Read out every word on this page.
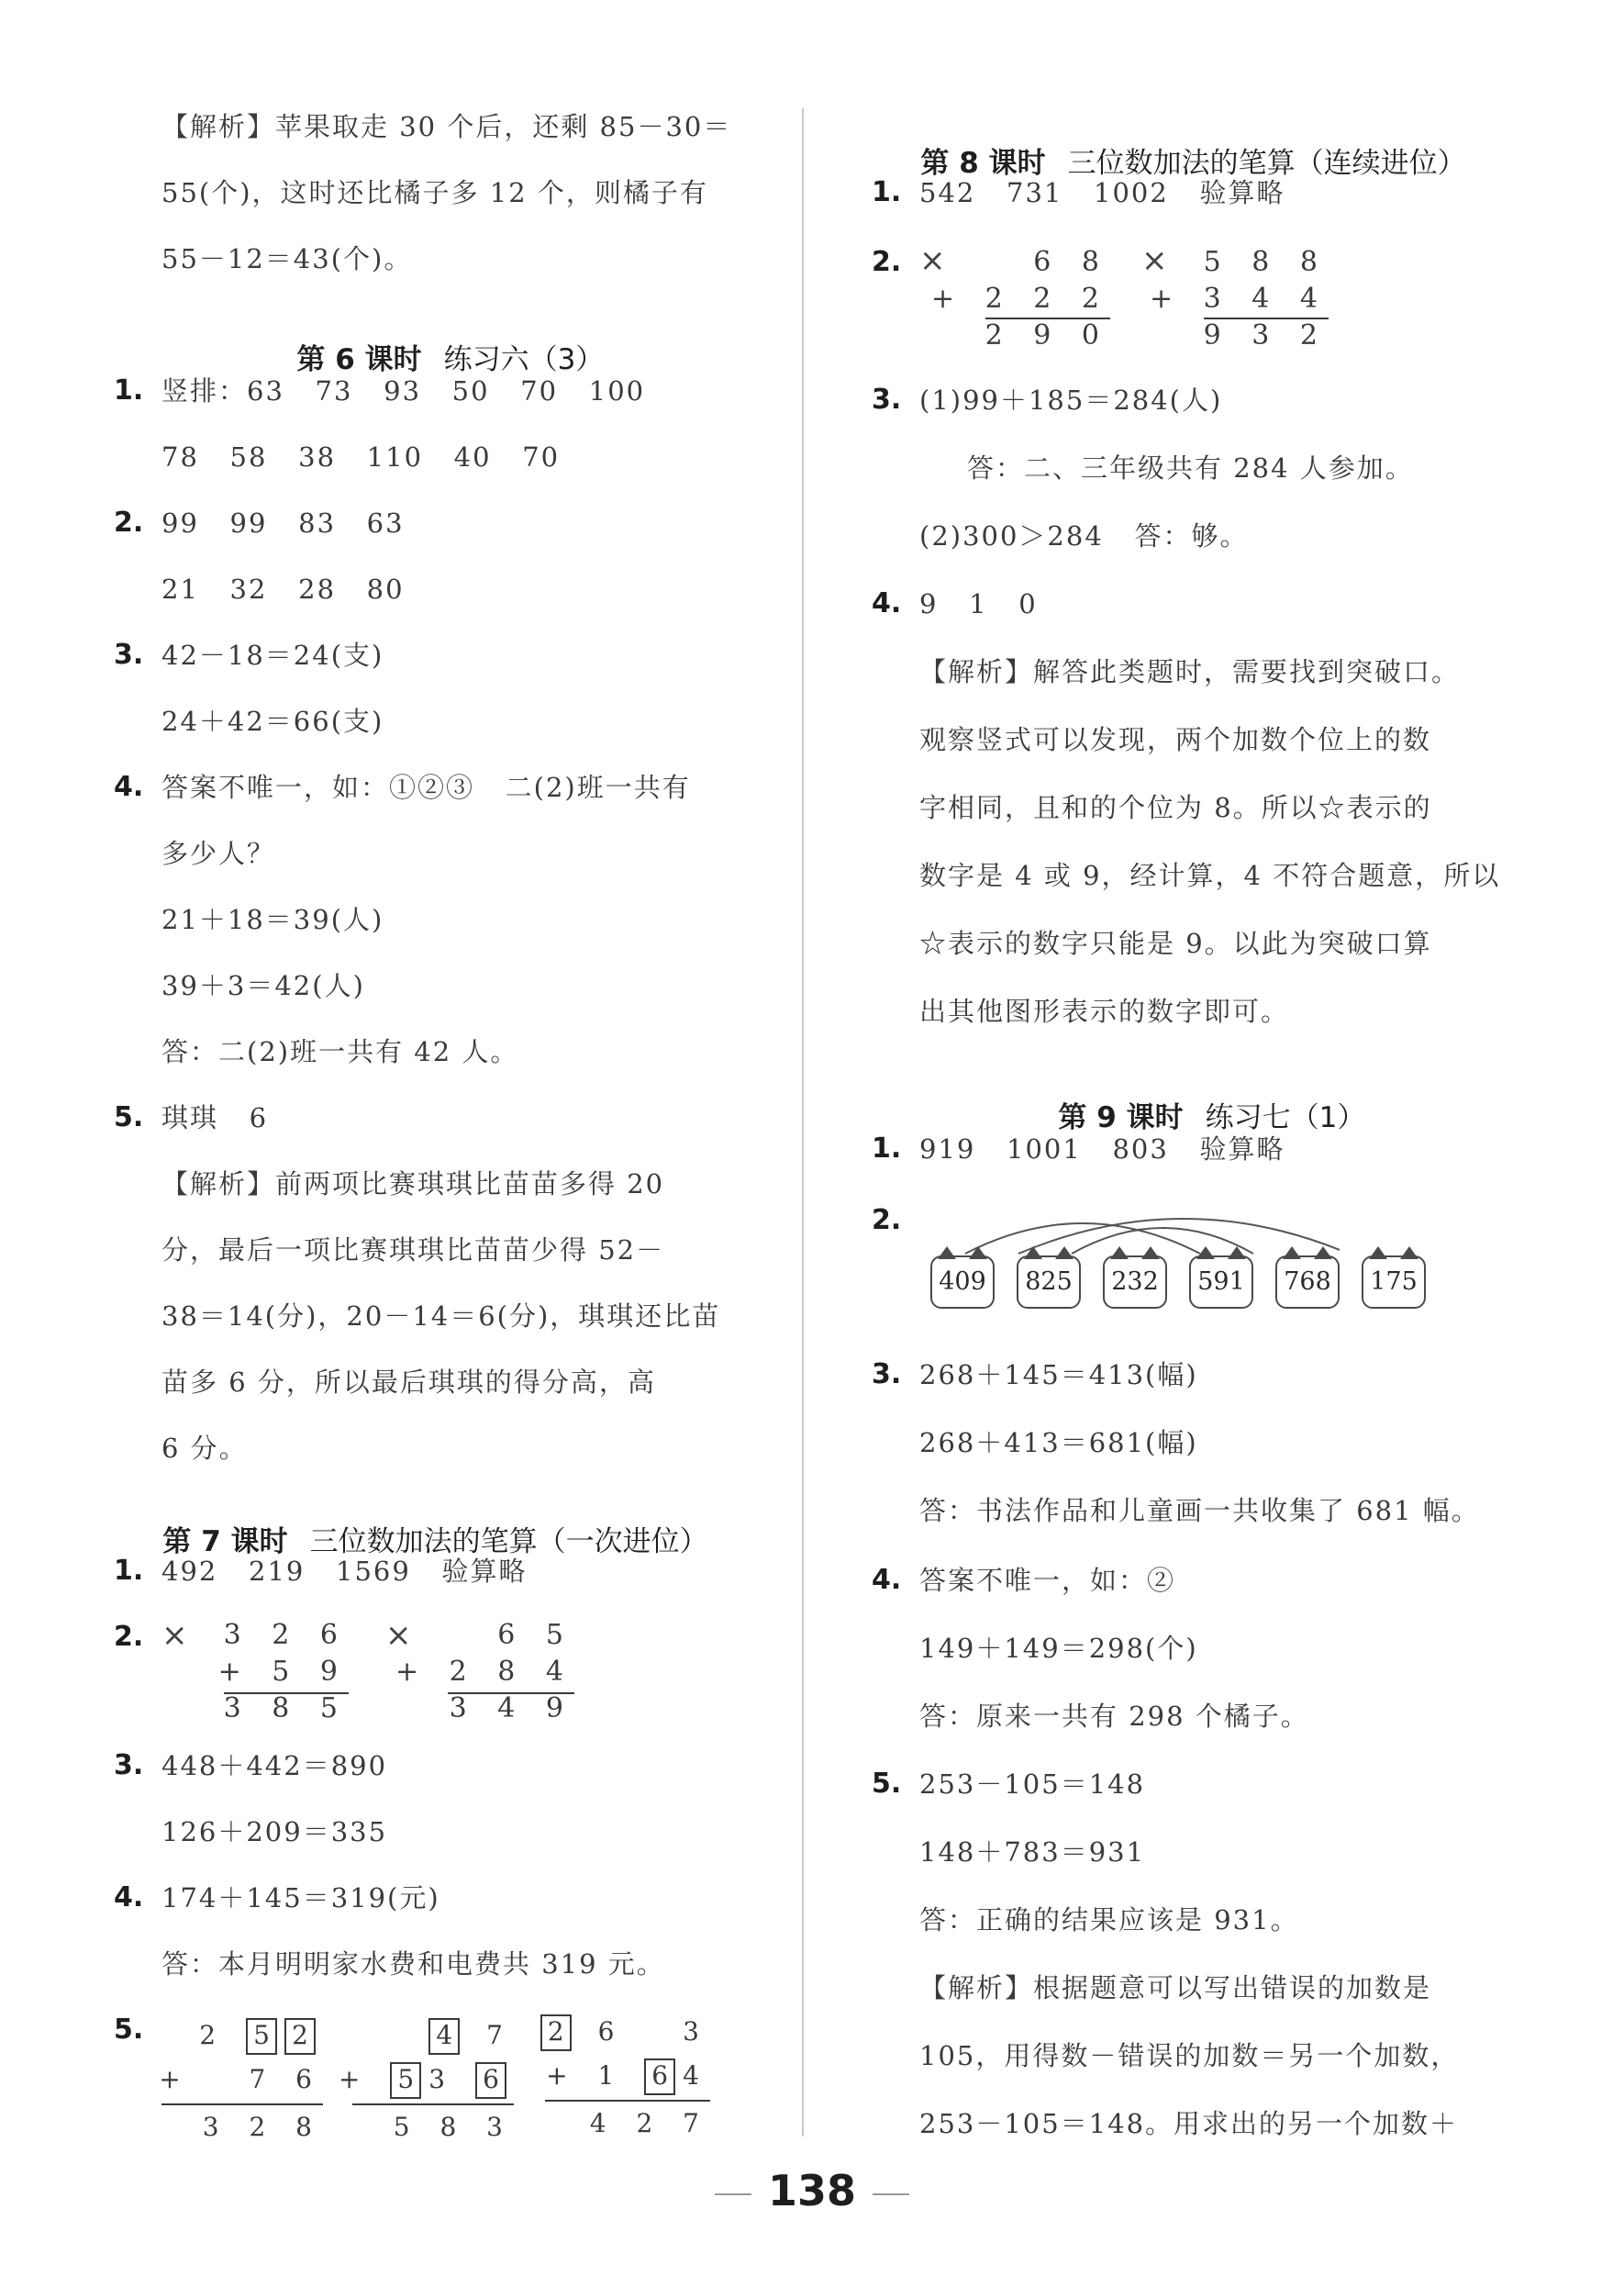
【解析】苹果取走 30 个后，还剩 85－30＝
55(个)，这时还比橘子多 12 个，则橘子有
55－12＝43(个)。

第 6 课时 练习六（3）

1. 竖排：63   73   93   50   70   100
78   58   38   110   40   70
2. 99   99   83   63
21   32   28   80
3. 42－18＝24(支)
24＋42＝66(支)
4. 答案不唯一，如：①②③   二(2)班一共有
多少人？
21＋18＝39(人)
39＋3＝42(人)
答：二(2)班一共有 42 人。
5. 琪琪   6
【解析】前两项比赛琪琪比苗苗多得 20
分，最后一项比赛琪琪比苗苗少得 52－
38＝14(分)，20－14＝6(分)，琪琪还比苗
苗多 6 分，所以最后琪琪的得分高，高
6 分。

第 7 课时 三位数加法的笔算（一次进位）

1. 492   219   1569   验算略
2. × 3 2 6
+ 5 9
3 8 5
×	6 5
+ 2 8 4
3 4 9
3. 448＋442＝890
126＋209＝335
4. 174＋145＝319(元)
答：本月明明家水费和电费共 319 元。
5. 2 5 2
+   7 6
3 2 8
4 7
+ 5 3 6
5 8 3
2 6   3
+ 1 6 4
4 2 7

第 8 课时 三位数加法的笔算（连续进位）

1. 542   731   1002   验算略
2. ×	6 8
+ 2 2 2
2 9 0
× 5 8 8
+ 3 4 4
9 3 2
3. (1)99＋185＝284(人)
答：二、三年级共有 284 人参加。
(2)300＞284   答：够。
4. 9   1   0
【解析】解答此类题时，需要找到突破口。
观察竖式可以发现，两个加数个位上的数
字相同，且和的个位为 8。所以☆表示的
数字是 4 或 9，经计算，4 不符合题意，所以
☆表示的数字只能是 9。以此为突破口算
出其他图形表示的数字即可。

第 9 课时 练习七（1）

1. 919   1001   803   验算略
2.
409	825	232	591	768	175
3. 268＋145＝413(幅)
268＋413＝681(幅)
答：书法作品和儿童画一共收集了 681 幅。
4. 答案不唯一，如：②
149＋149＝298(个)
答：原来一共有 298 个橘子。
5. 253－105＝148
148＋783＝931
答：正确的结果应该是 931。
【解析】根据题意可以写出错误的加数是
105，用得数－错误的加数＝另一个加数，
253－105＝148。用求出的另一个加数＋
138
